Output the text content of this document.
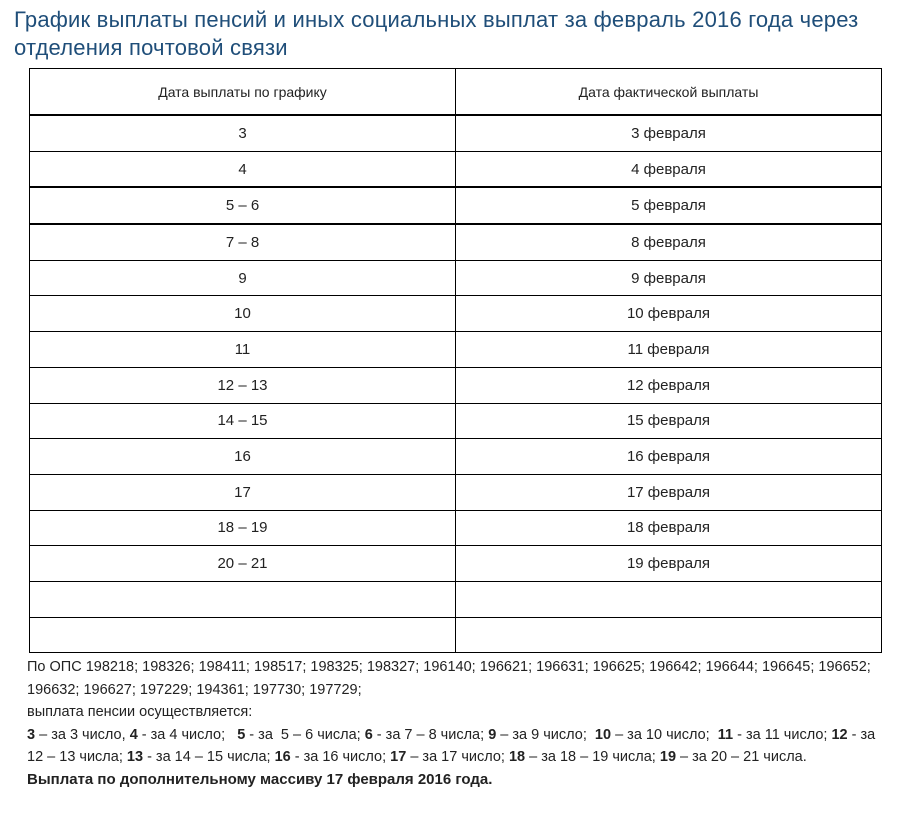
График выплаты пенсий и иных социальных выплат за февраль 2016 года через отделения почтовой связи
Дата выплаты по графику	Дата фактической выплаты
3	3 февраля
4	4 февраля
5 – 6	5 февраля
7 – 8	8 февраля
9	9 февраля
10	10 февраля
11	11 февраля
12 – 13	12 февраля
14 – 15	15 февраля
16	16 февраля
17	17 февраля
18 – 19	18 февраля
20 – 21	19 февраля

По ОПС 198218; 198326; 198411; 198517; 198325; 198327; 196140; 196621; 196631; 196625; 196642; 196644; 196645; 196652; 196632; 196627; 197229; 194361; 197730; 197729;
выплата пенсии осуществляется:
3 – за 3 число, 4 - за 4 число;   5 - за  5 – 6 числа; 6 - за 7 – 8 числа; 9 – за 9 число;  10 – за 10 число;  11 - за 11 число; 12 - за 12 – 13 числа; 13 - за 14 – 15 числа; 16 - за 16 число; 17 – за 17 число; 18 – за 18 – 19 числа; 19 – за 20 – 21 числа.
Выплата по дополнительному массиву 17 февраля 2016 года.
